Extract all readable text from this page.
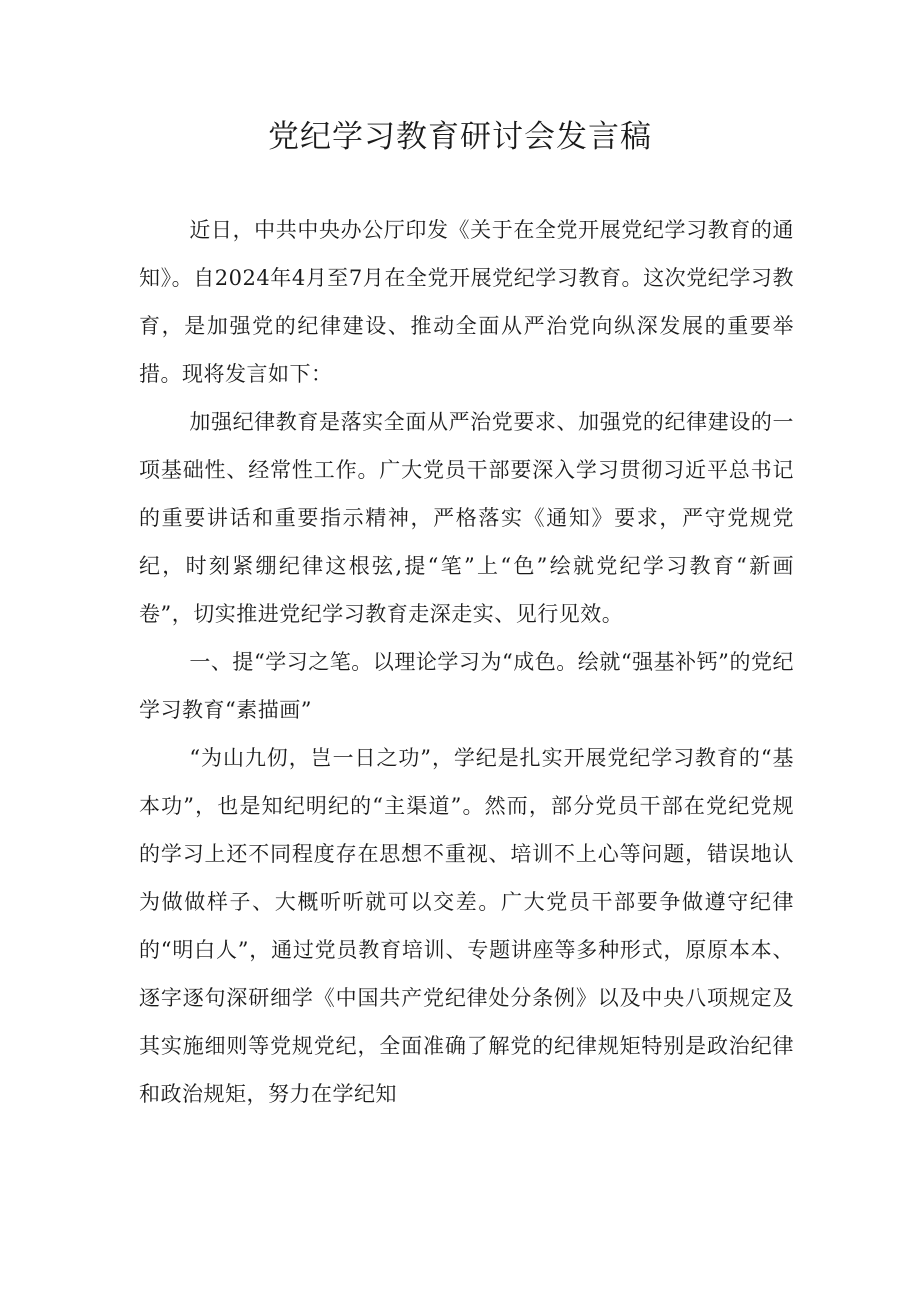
党纪学习教育研讨会发言稿

近日，中共中央办公厅印发《关于在全党开展党纪学习教育的通知》。自2024年4月至7月在全党开展党纪学习教育。这次党纪学习教育，是加强党的纪律建设、推动全面从严治党向纵深发展的重要举措。现将发言如下：

加强纪律教育是落实全面从严治党要求、加强党的纪律建设的一项基础性、经常性工作。广大党员干部要深入学习贯彻习近平总书记的重要讲话和重要指示精神，严格落实《通知》要求，严守党规党纪，时刻紧绷纪律这根弦,提“笔”上“色”绘就党纪学习教育“新画卷”，切实推进党纪学习教育走深走实、见行见效。

一、提“学习之笔。以理论学习为“成色。绘就“强基补钙”的党纪学习教育“素描画”

“为山九仞，岂一日之功”，学纪是扎实开展党纪学习教育的“基本功”，也是知纪明纪的“主渠道”。然而，部分党员干部在党纪党规的学习上还不同程度存在思想不重视、培训不上心等问题，错误地认为做做样子、大概听听就可以交差。广大党员干部要争做遵守纪律的“明白人”，通过党员教育培训、专题讲座等多种形式，原原本本、逐字逐句深研细学《中国共产党纪律处分条例》以及中央八项规定及其实施细则等党规党纪，全面准确了解党的纪律规矩特别是政治纪律和政治规矩，努力在学纪知
